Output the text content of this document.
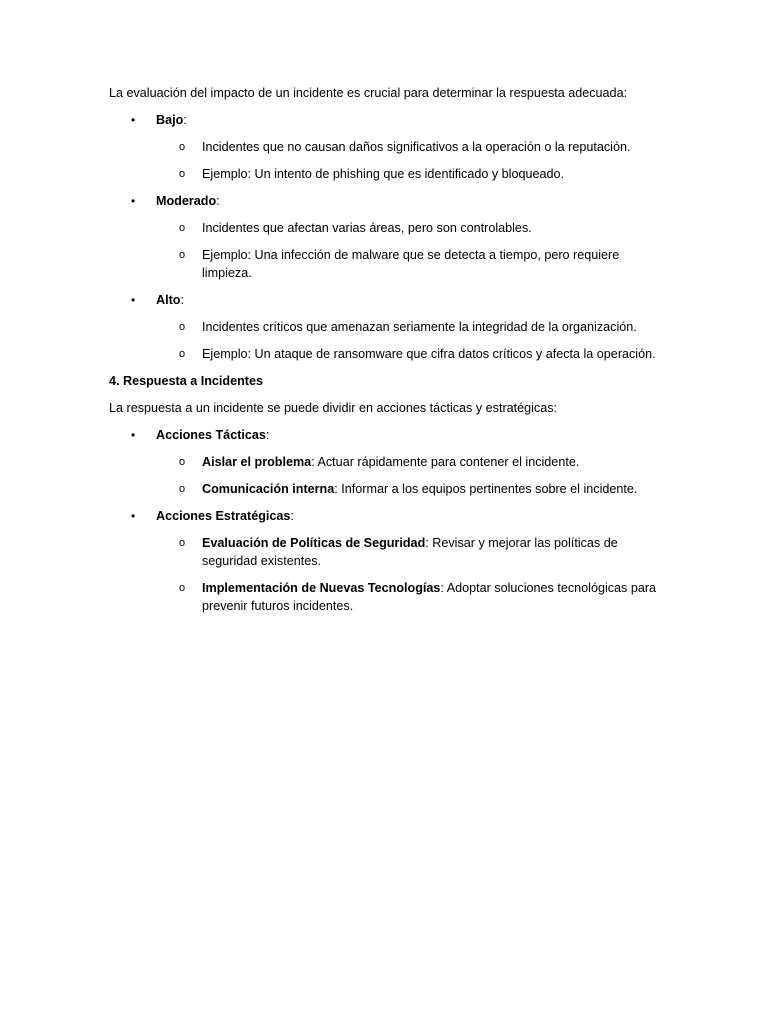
La evaluación del impacto de un incidente es crucial para determinar la respuesta adecuada:

• Bajo:
o Incidentes que no causan daños significativos a la operación o la reputación.
o Ejemplo: Un intento de phishing que es identificado y bloqueado.
• Moderado:
o Incidentes que afectan varias áreas, pero son controlables.
o Ejemplo: Una infección de malware que se detecta a tiempo, pero requiere limpieza.
• Alto:
o Incidentes críticos que amenazan seriamente la integridad de la organización.
o Ejemplo: Un ataque de ransomware que cifra datos críticos y afecta la operación.

4. Respuesta a Incidentes

La respuesta a un incidente se puede dividir en acciones tácticas y estratégicas:

• Acciones Tácticas:
o Aislar el problema: Actuar rápidamente para contener el incidente.
o Comunicación interna: Informar a los equipos pertinentes sobre el incidente.
• Acciones Estratégicas:
o Evaluación de Políticas de Seguridad: Revisar y mejorar las políticas de seguridad existentes.
o Implementación de Nuevas Tecnologías: Adoptar soluciones tecnológicas para prevenir futuros incidentes.
